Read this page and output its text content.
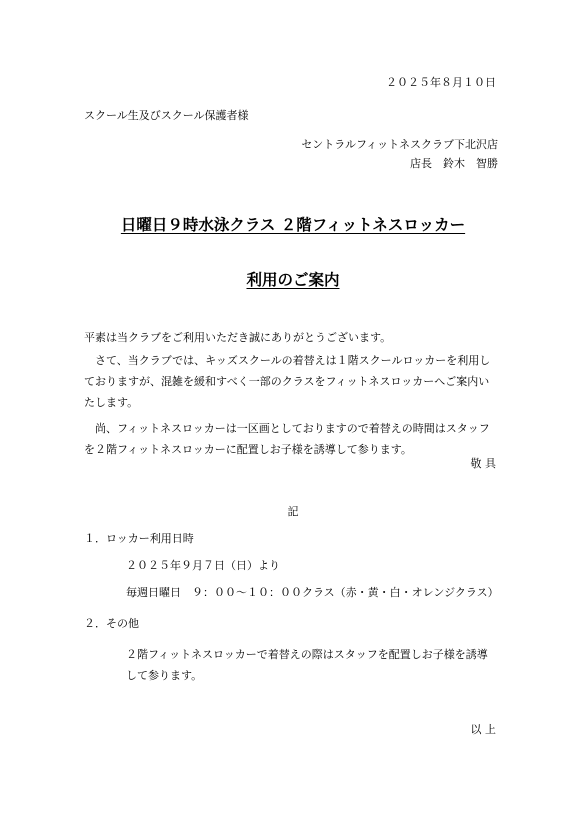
２０２５年８月１０日

スクール生及びスクール保護者様

セントラルフィットネスクラブ下北沢店

店長　鈴木　智勝

日曜日９時水泳クラス ２階フィットネスロッカー

利用のご案内

平素は当クラブをご利用いただき誠にありがとうございます。

さて、当クラブでは、キッズスクールの着替えは１階スクールロッカーを利用しておりますが、混雑を緩和すべく一部のクラスをフィットネスロッカーへご案内いたします。

尚、フィットネスロッカーは一区画としておりますので着替えの時間はスタッフを２階フィットネスロッカーに配置しお子様を誘導して参ります。

敬 具

記

１．ロッカー利用日時

２０２５年９月７日（日）より

毎週日曜日　９：００～１０：００クラス（赤・黄・白・オレンジクラス）

２．その他

２階フィットネスロッカーで着替えの際はスタッフを配置しお子様を誘導して参ります。

以 上
